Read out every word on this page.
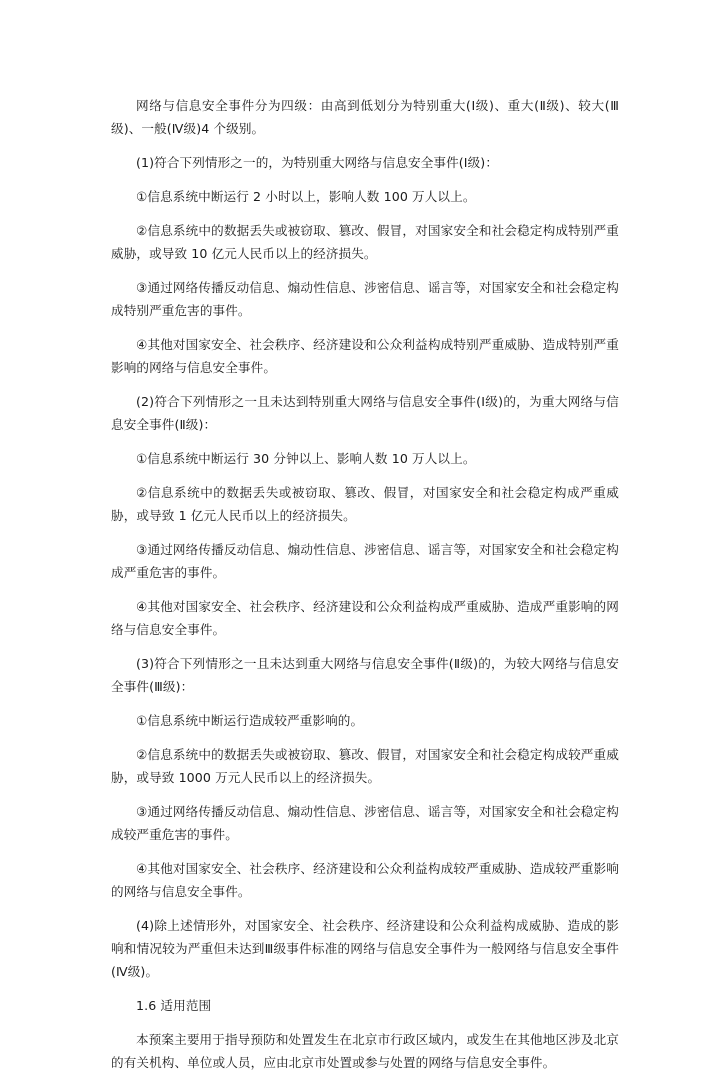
网络与信息安全事件分为四级：由高到低划分为特别重大(Ⅰ级)、重大(Ⅱ级)、较大(Ⅲ级)、一般(Ⅳ级)4 个级别。

(1)符合下列情形之一的，为特别重大网络与信息安全事件(Ⅰ级)：

①信息系统中断运行 2 小时以上，影响人数 100 万人以上。

②信息系统中的数据丢失或被窃取、篡改、假冒，对国家安全和社会稳定构成特别严重威胁，或导致 10 亿元人民币以上的经济损失。

③通过网络传播反动信息、煽动性信息、涉密信息、谣言等，对国家安全和社会稳定构成特别严重危害的事件。

④其他对国家安全、社会秩序、经济建设和公众利益构成特别严重威胁、造成特别严重影响的网络与信息安全事件。

(2)符合下列情形之一且未达到特别重大网络与信息安全事件(Ⅰ级)的，为重大网络与信息安全事件(Ⅱ级)：

①信息系统中断运行 30 分钟以上、影响人数 10 万人以上。

②信息系统中的数据丢失或被窃取、篡改、假冒，对国家安全和社会稳定构成严重威胁，或导致 1 亿元人民币以上的经济损失。

③通过网络传播反动信息、煽动性信息、涉密信息、谣言等，对国家安全和社会稳定构成严重危害的事件。

④其他对国家安全、社会秩序、经济建设和公众利益构成严重威胁、造成严重影响的网络与信息安全事件。

(3)符合下列情形之一且未达到重大网络与信息安全事件(Ⅱ级)的，为较大网络与信息安全事件(Ⅲ级)：

①信息系统中断运行造成较严重影响的。

②信息系统中的数据丢失或被窃取、篡改、假冒，对国家安全和社会稳定构成较严重威胁，或导致 1000 万元人民币以上的经济损失。

③通过网络传播反动信息、煽动性信息、涉密信息、谣言等，对国家安全和社会稳定构成较严重危害的事件。

④其他对国家安全、社会秩序、经济建设和公众利益构成较严重威胁、造成较严重影响的网络与信息安全事件。

(4)除上述情形外，对国家安全、社会秩序、经济建设和公众利益构成威胁、造成的影响和情况较为严重但未达到Ⅲ级事件标准的网络与信息安全事件为一般网络与信息安全事件(Ⅳ级)。

1.6 适用范围

本预案主要用于指导预防和处置发生在北京市行政区域内，或发生在其他地区涉及北京的有关机构、单位或人员，应由北京市处置或参与处置的网络与信息安全事件。
